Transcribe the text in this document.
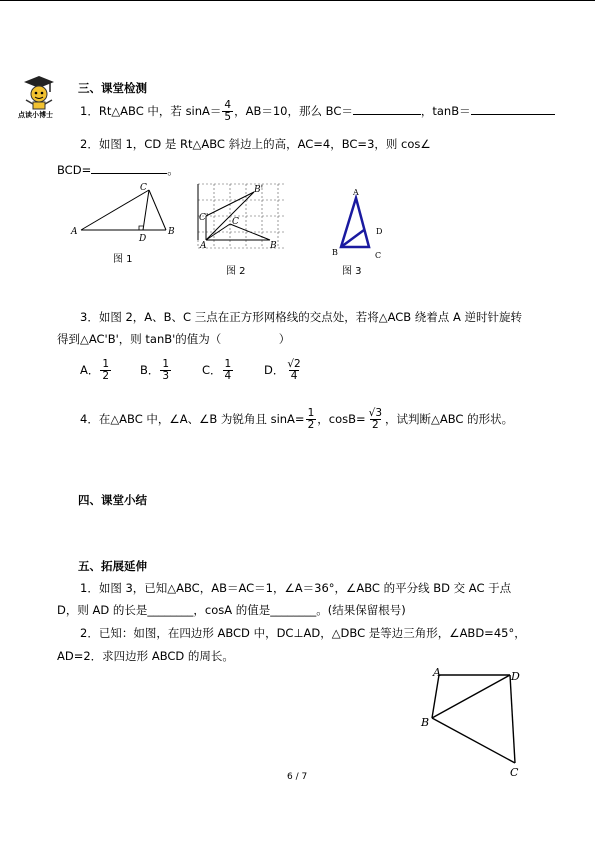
点读小博士
三、课堂检测
1．Rt△ABC 中，若 $\sin A= \frac{4}{5}$ ，AB＝10，那么 BC＝	，tanB＝
2．如图 1，CD 是 Rt△ABC 斜边上的高，AC=4，BC=3，则 cos∠
BCD=	。
A	B
C
D
图 1
A	B
C
B'
C'
图 2
A
B	C
D
图 3
3．如图 2，A、B、C 三点在正方形网格线的交点处，若将△ACB 绕着点 A 逆时针旋转
得到△AC'B'，则 tanB'的值为（　　　　　）
A． $\frac{1}{2}$	B． $\frac{1}{3}$	C． $\frac{1}{4}$	D． $\frac{√2}{4}$
4．在△ABC 中，∠A、∠B 为锐角且 $\sin A= \frac{1}{2}$ ，$\cos B= \frac{√3}{2}$ ，试判断△ABC 的形状。
四、课堂小结
五、拓展延伸
1．如图 3，已知△ABC，AB＝AC＝1，∠A＝36°，∠ABC 的平分线 BD 交 AC 于点
D，则 AD 的长是________，cosA 的值是________。(结果保留根号)
2．已知：如图，在四边形 ABCD 中，DC⊥AD，△DBC 是等边三角形，∠ABD=45°，
AD=2．求四边形 ABCD 的周长。
A	D
B
C
6 / 7
